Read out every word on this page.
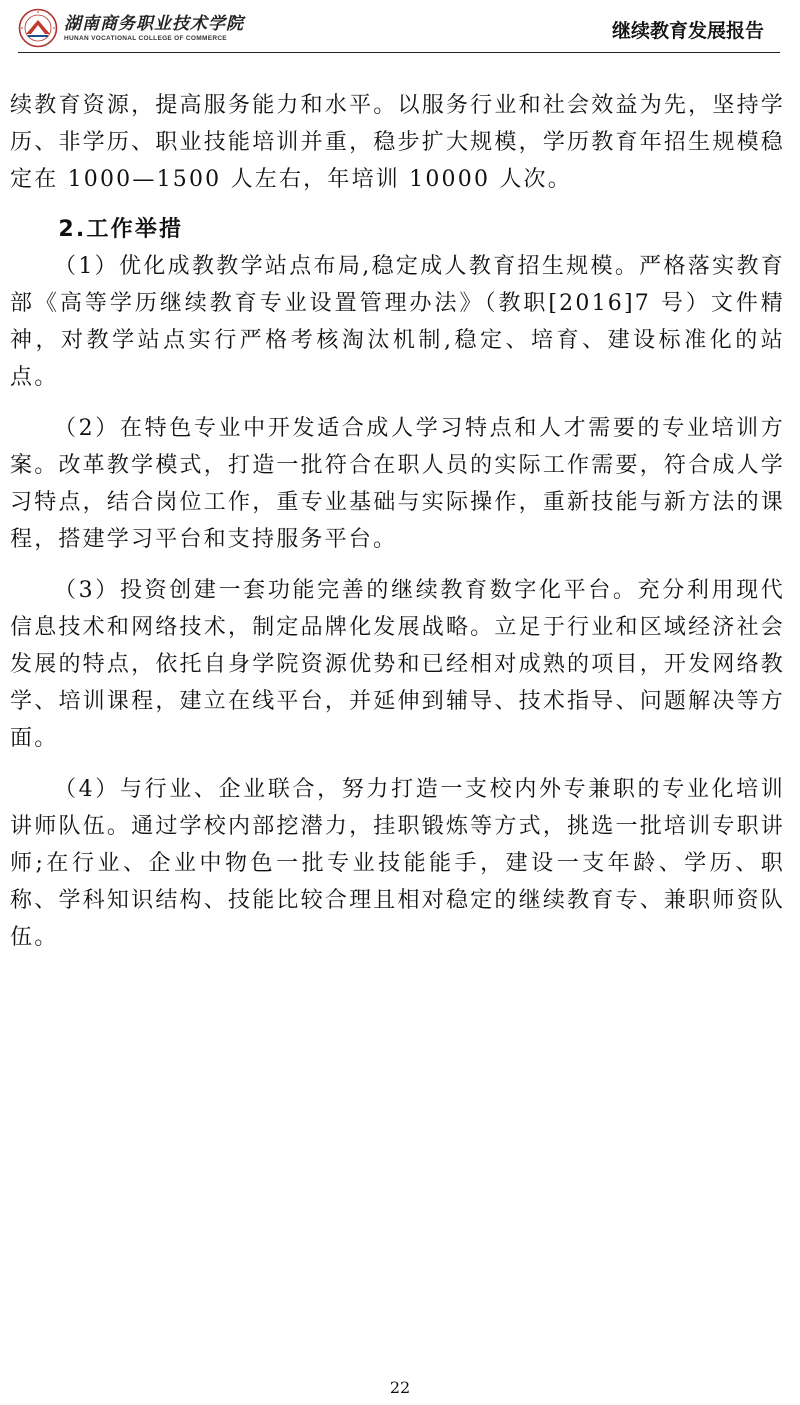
湖南商务职业技术学院
HUNAN VOCATIONAL COLLEGE OF COMMERCE	继续教育发展报告

续教育资源，提高服务能力和水平。以服务行业和社会效益为先，坚持学历、非学历、职业技能培训并重，稳步扩大规模，学历教育年招生规模稳定在 1000—1500 人左右，年培训 10000 人次。

2.工作举措

（1）优化成教教学站点布局,稳定成人教育招生规模。严格落实教育部《高等学历继续教育专业设置管理办法》（教职[2016]7 号）文件精神，对教学站点实行严格考核淘汰机制,稳定、培育、建设标准化的站点。

（2）在特色专业中开发适合成人学习特点和人才需要的专业培训方案。改革教学模式，打造一批符合在职人员的实际工作需要，符合成人学习特点，结合岗位工作，重专业基础与实际操作，重新技能与新方法的课程，搭建学习平台和支持服务平台。

（3）投资创建一套功能完善的继续教育数字化平台。充分利用现代信息技术和网络技术，制定品牌化发展战略。立足于行业和区域经济社会发展的特点，依托自身学院资源优势和已经相对成熟的项目，开发网络教学、培训课程，建立在线平台，并延伸到辅导、技术指导、问题解决等方面。

（4）与行业、企业联合，努力打造一支校内外专兼职的专业化培训讲师队伍。通过学校内部挖潜力，挂职锻炼等方式，挑选一批培训专职讲师;在行业、企业中物色一批专业技能能手，建设一支年龄、学历、职称、学科知识结构、技能比较合理且相对稳定的继续教育专、兼职师资队伍。

22
